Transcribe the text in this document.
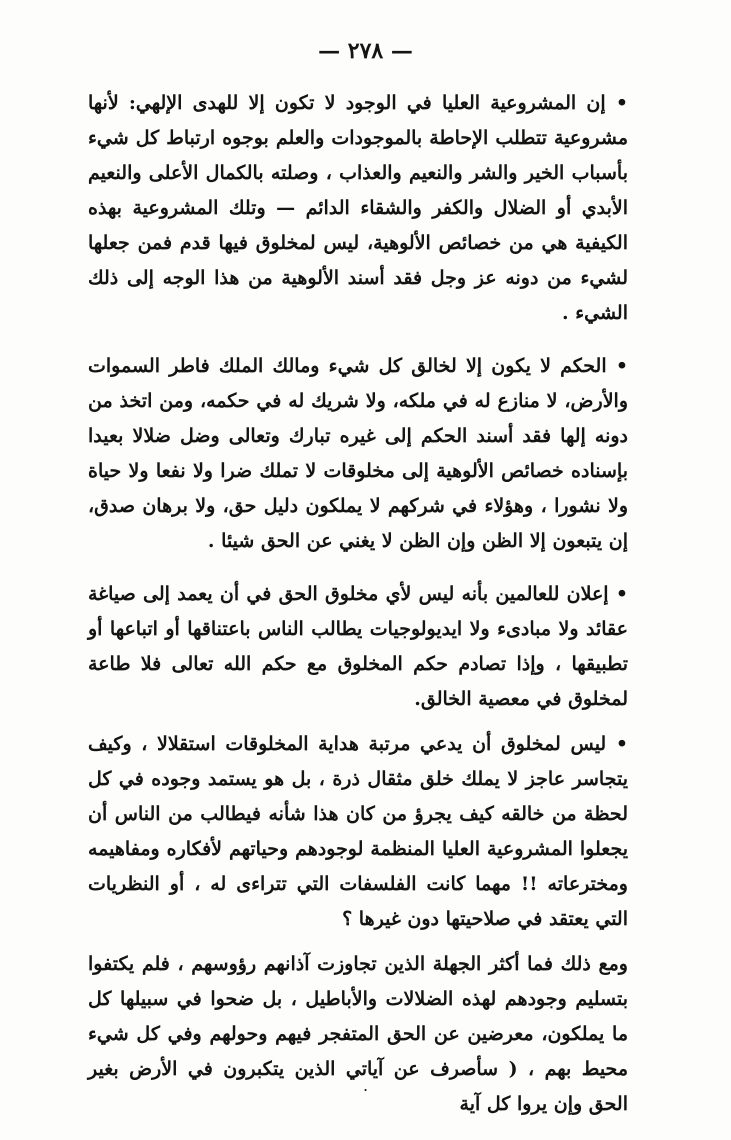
— ٢٧٨ —

• إن المشروعية العليا في الوجود لا تكون إلا للهدى الإلهي: لأنها مشروعية تتطلب الإحاطة بالموجودات والعلم بوجوه ارتباط كل شيء بأسباب الخير والشر والنعيم والعذاب ، وصلته بالكمال الأعلى والنعيم الأبدي أو الضلال والكفر والشقاء الدائم — وتلك المشروعية بهذه الكيفية هي من خصائص الألوهية، ليس لمخلوق فيها قدم فمن جعلها لشيء من دونه عز وجل فقد أسند الألوهية من هذا الوجه إلى ذلك الشيء .

• الحكم لا يكون إلا لخالق كل شيء ومالك الملك فاطر السموات والأرض، لا منازع له في ملكه، ولا شريك له في حكمه، ومن اتخذ من دونه إلها فقد أسند الحكم إلى غيره تبارك وتعالى وضل ضلالا بعيدا بإسناده خصائص الألوهية إلى مخلوقات لا تملك ضرا ولا نفعا ولا حياة ولا نشورا ، وهؤلاء في شركهم لا يملكون دليل حق، ولا برهان صدق، إن يتبعون إلا الظن وإن الظن لا يغني عن الحق شيئا .

• إعلان للعالمين بأنه ليس لأي مخلوق الحق في أن يعمد إلى صياغة عقائد ولا مبادىء ولا ايديولوجيات يطالب الناس باعتناقها أو اتباعها أو تطبيقها ، وإذا تصادم حكم المخلوق مع حكم الله تعالى فلا طاعة لمخلوق في معصية الخالق.

• ليس لمخلوق أن يدعي مرتبة هداية المخلوقات استقلالا ، وكيف يتجاسر عاجز لا يملك خلق مثقال ذرة ، بل هو يستمد وجوده في كل لحظة من خالقه كيف يجرؤ من كان هذا شأنه فيطالب من الناس أن يجعلوا المشروعية العليا المنظمة لوجودهم وحياتهم لأفكاره ومفاهيمه ومخترعاته !! مهما كانت الفلسفات التي تتراءى له ، أو النظريات التي يعتقد في صلاحيتها دون غيرها ؟

ومع ذلك فما أكثر الجهلة الذين تجاوزت آذانهم رؤوسهم ، فلم يكتفوا بتسليم وجودهم لهذه الضلالات والأباطيل ، بل ضحوا في سبيلها كل ما يملكون، معرضين عن الحق المتفجر فيهم وحولهم وفي كل شيء محيط بهم ، ( سأصرف عن آياتي الذين يتكبرون في الأرض بغير الحق وإن يروا كل آية

.
